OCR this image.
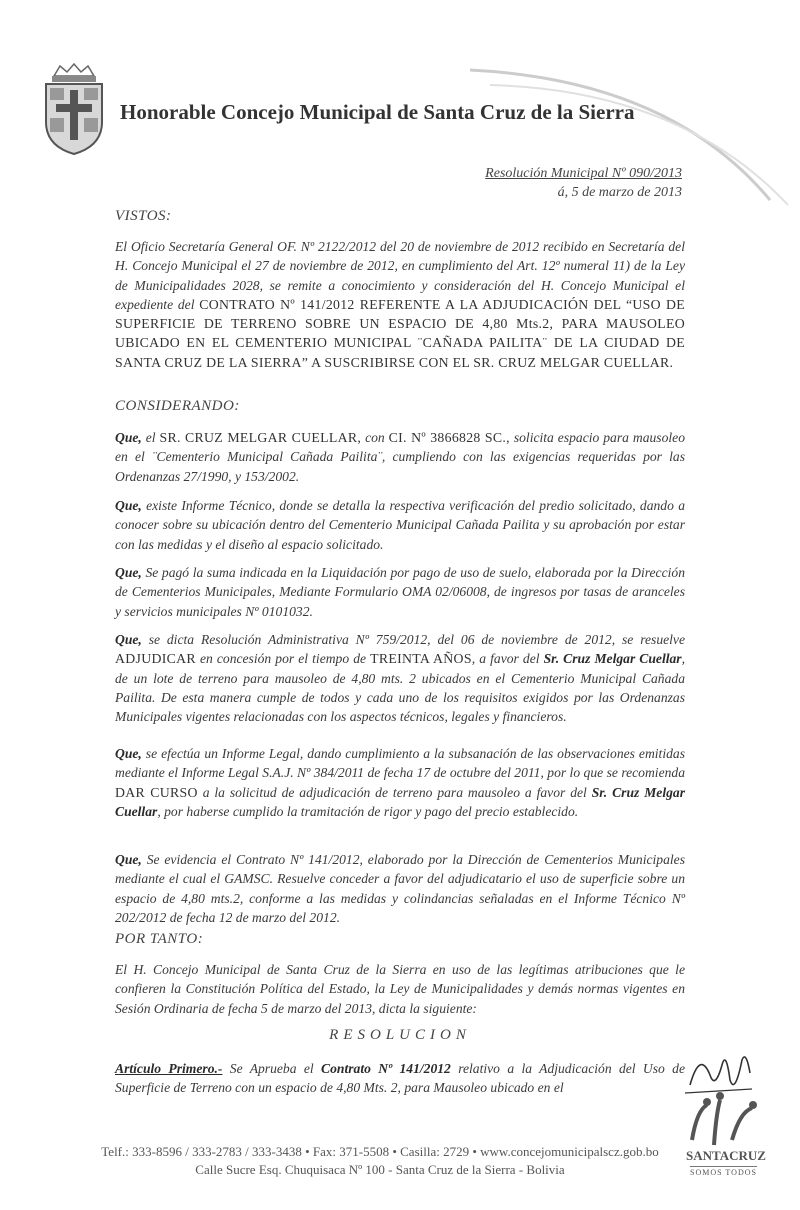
Honorable Concejo Municipal de Santa Cruz de la Sierra
Resolución Municipal Nº 090/2013
á, 5 de marzo de 2013
VISTOS:

El Oficio Secretaría General OF. Nº 2122/2012 del 20 de noviembre de 2012 recibido en Secretaría del H. Concejo Municipal el 27 de noviembre de 2012, en cumplimiento del Art. 12º numeral 11) de la Ley de Municipalidades 2028, se remite a conocimiento y consideración del H. Concejo Municipal el expediente del CONTRATO Nº 141/2012 REFERENTE A LA ADJUDICACIÓN DEL “USO DE SUPERFICIE DE TERRENO SOBRE UN ESPACIO DE 4,80 Mts.2, PARA MAUSOLEO UBICADO EN EL CEMENTERIO MUNICIPAL ¨CAÑADA PAILITA¨ DE LA CIUDAD DE SANTA CRUZ DE LA SIERRA” A SUSCRIBIRSE CON EL SR. CRUZ MELGAR CUELLAR.

CONSIDERANDO:

Que, el SR. CRUZ MELGAR CUELLAR, con CI. Nº 3866828 SC., solicita espacio para mausoleo en el ¨Cementerio Municipal Cañada Pailita¨, cumpliendo con las exigencias requeridas por las Ordenanzas 27/1990, y 153/2002.

Que, existe Informe Técnico, donde se detalla la respectiva verificación del predio solicitado, dando a conocer sobre su ubicación dentro del Cementerio Municipal Cañada Pailita y su aprobación por estar con las medidas y el diseño al espacio solicitado.

Que, Se pagó la suma indicada en la Liquidación por pago de uso de suelo, elaborada por la Dirección de Cementerios Municipales, Mediante Formulario OMA 02/06008, de ingresos por tasas de aranceles y servicios municipales Nº 0101032.

Que, se dicta Resolución Administrativa Nº 759/2012, del 06 de noviembre de 2012, se resuelve ADJUDICAR en concesión por el tiempo de TREINTA AÑOS, a favor del Sr. Cruz Melgar Cuellar, de un lote de terreno para mausoleo de 4,80 mts. 2 ubicados en el Cementerio Municipal Cañada Pailita. De esta manera cumple de todos y cada uno de los requisitos exigidos por las Ordenanzas Municipales vigentes relacionadas con los aspectos técnicos, legales y financieros.

Que, se efectúa un Informe Legal, dando cumplimiento a la subsanación de las observaciones emitidas mediante el Informe Legal S.A.J. Nº 384/2011 de fecha 17 de octubre del 2011, por lo que se recomienda DAR CURSO a la solicitud de adjudicación de terreno para mausoleo a favor del Sr. Cruz Melgar Cuellar, por haberse cumplido la tramitación de rigor y pago del precio establecido.

Que, Se evidencia el Contrato Nº 141/2012, elaborado por la Dirección de Cementerios Municipales mediante el cual el GAMSC. Resuelve conceder a favor del adjudicatario el uso de superficie sobre un espacio de 4,80 mts.2, conforme a las medidas y colindancias señaladas en el Informe Técnico Nº 202/2012 de fecha 12 de marzo del 2012.

POR TANTO:

El H. Concejo Municipal de Santa Cruz de la Sierra en uso de las legítimas atribuciones que le confieren la Constitución Política del Estado, la Ley de Municipalidades y demás normas vigentes en Sesión Ordinaria de fecha 5 de marzo del 2013, dicta la siguiente:

RESOLUCION

Artículo Primero.- Se Aprueba el Contrato Nº 141/2012 relativo a la Adjudicación del Uso de Superficie de Terreno con un espacio de 4,80 Mts. 2, para Mausoleo ubicado en el

SANTACRUZ
SOMOS TODOS
Telf.: 333-8596 / 333-2783 / 333-3438 • Fax: 371-5508 • Casilla: 2729 • www.concejomunicipalscz.gob.bo
Calle Sucre Esq. Chuquisaca Nº 100 - Santa Cruz de la Sierra - Bolivia
